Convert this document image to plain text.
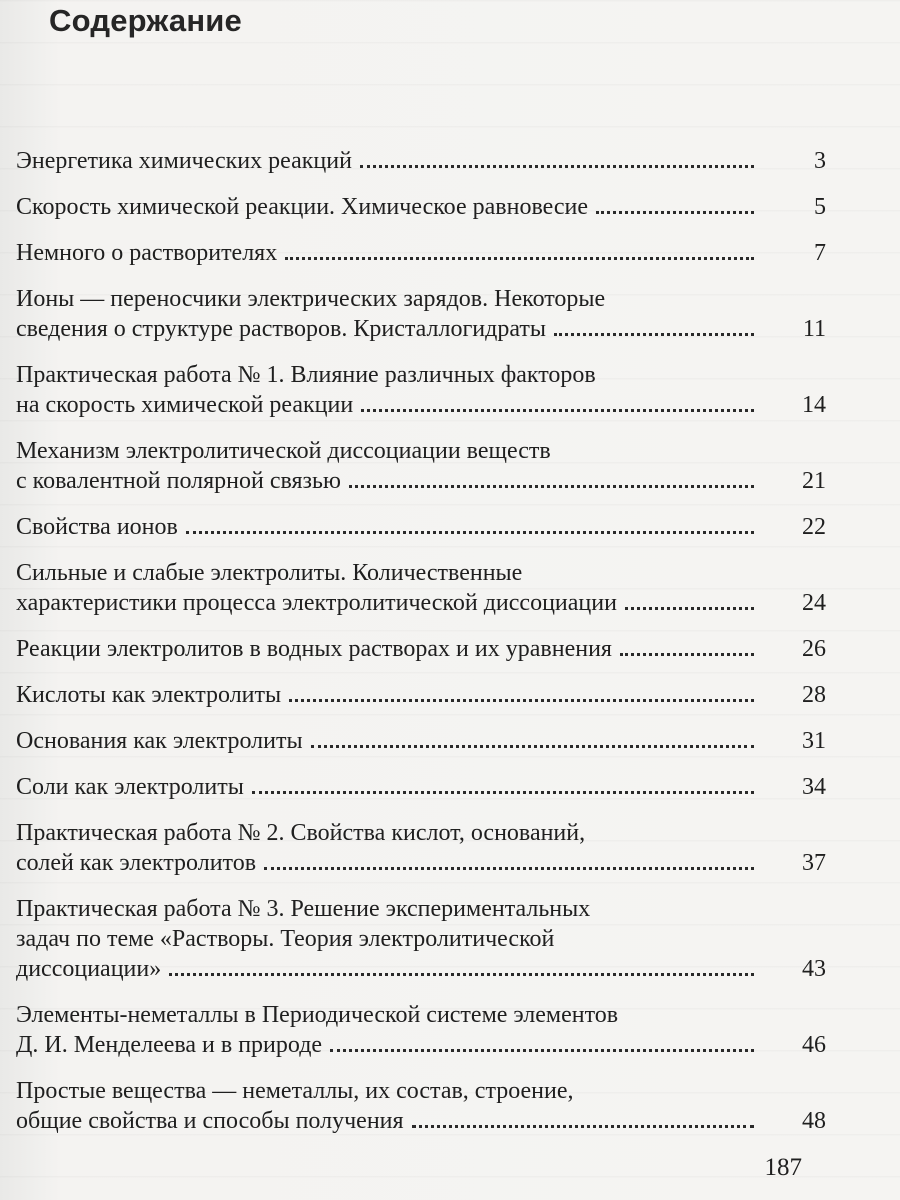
Содержание
Энергетика химических реакций	3
Скорость химической реакции. Химическое равновесие	5
Немного о растворителях	7
Ионы — переносчики электрических зарядов. Некоторые
сведения о структуре растворов. Кристаллогидраты	11
Практическая работа № 1. Влияние различных факторов
на скорость химической реакции	14
Механизм электролитической диссоциации веществ
с ковалентной полярной связью	21
Свойства ионов	22
Сильные и слабые электролиты. Количественные
характеристики процесса электролитической диссоциации	24
Реакции электролитов в водных растворах и их уравнения	26
Кислоты как электролиты	28
Основания как электролиты	31
Соли как электролиты	34
Практическая работа № 2. Свойства кислот, оснований,
солей как электролитов	37
Практическая работа № 3. Решение экспериментальных
задач по теме «Растворы. Теория электролитической
диссоциации»	43
Элементы-неметаллы в Периодической системе элементов
Д. И. Менделеева и в природе	46
Простые вещества — неметаллы, их состав, строение,
общие свойства и способы получения	48
187
